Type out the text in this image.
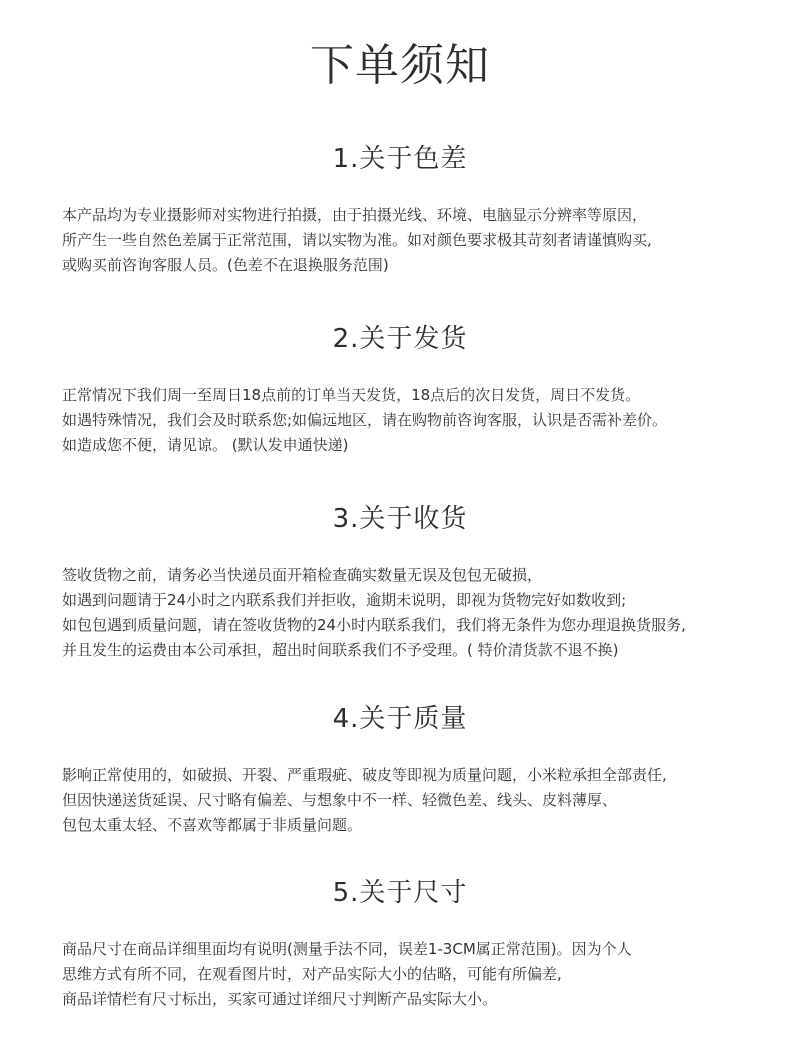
下单须知
1.关于色差
本产品均为专业摄影师对实物进行拍摄，由于拍摄光线、环境、电脑显示分辨率等原因，
所产生一些自然色差属于正常范围，请以实物为准。如对颜色要求极其苛刻者请谨慎购买,
或购买前咨询客服人员。(色差不在退换服务范围)
2.关于发货
正常情况下我们周一至周日18点前的订单当天发货，18点后的次日发货，周日不发货。
如遇特殊情况，我们会及时联系您;如偏远地区，请在购物前咨询客服，认识是否需补差价。
如造成您不便，请见谅。 (默认发申通快递)
3.关于收货
签收货物之前，请务必当快递员面开箱检查确实数量无误及包包无破损，
如遇到问题请于24小时之内联系我们并拒收，逾期未说明，即视为货物完好如数收到;
如包包遇到质量问题，请在签收货物的24小时内联系我们，我们将无条件为您办理退换货服务,
并且发生的运费由本公司承担，超出时间联系我们不予受理。( 特价清货款不退不换)
4.关于质量
影响正常使用的，如破损、开裂、严重瑕疵、破皮等即视为质量问题，小米粒承担全部责任,
但因快递送货延误、尺寸略有偏差、与想象中不一样、轻微色差、线头、皮料薄厚、
包包太重太轻、不喜欢等都属于非质量问题。
5.关于尺寸
商品尺寸在商品详细里面均有说明(测量手法不同，误差1-3CM属正常范围)。因为个人
思维方式有所不同，在观看图片时，对产品实际大小的估略，可能有所偏差,
商品详情栏有尺寸标出，买家可通过详细尺寸判断产品实际大小。
